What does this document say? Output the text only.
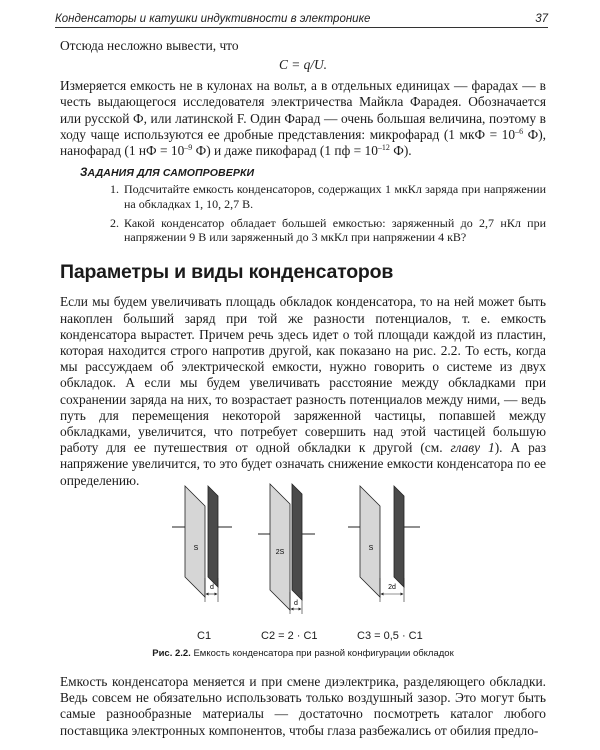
Конденсаторы и катушки индуктивности в электронике	37

Отсюда несложно вывести, что

C = q/U.

Измеряется емкость не в кулонах на вольт, а в отдельных единицах — фарадах — в честь выдающегося исследователя электричества Майкла Фарадея. Обозначается или русской Ф, или латинской F. Один Фарад — очень большая величина, поэтому в ходу чаще используются ее дробные представления: микрофарад (1 мкФ = $10^{-6}$ Ф), нанофарад (1 нФ = $10^{-9}$ Ф) и даже пикофарад (1 пф = $10^{-12}$ Ф).

ЗАДАНИЯ ДЛЯ САМОПРОВЕРКИ
1. Подсчитайте емкость конденсаторов, содержащих 1 мкКл заряда при напряжении на обкладках 1, 10, 2,7 В.
2. Какой конденсатор обладает большей емкостью: заряженный до 2,7 нКл при напряжении 9 В или заряженный до 3 мкКл при напряжении 4 кВ?
Параметры и виды конденсаторов

Если мы будем увеличивать площадь обкладок конденсатора, то на ней может быть накоплен больший заряд при той же разности потенциалов, т. е. емкость конденсатора вырастет. Причем речь здесь идет о той площади каждой из пластин, которая находится строго напротив другой, как показано на рис. 2.2. То есть, когда мы рассуждаем об электрической емкости, нужно говорить о системе из двух обкладок. А если мы будем увеличивать расстояние между обкладками при сохранении заряда на них, то возрастает разность потенциалов между ними, — ведь путь для перемещения некоторой заряженной частицы, попавшей между обкладками, увеличится, что потребует совершить над этой частицей большую работу для ее путешествия от одной обкладки к другой (см. главу 1). А раз напряжение увеличится, то это будет означать снижение емкости конденсатора по ее определению.

S
d
2S
d
S
2d
C1	C2 = 2 · C1	C3 = 0,5 · C1
Рис. 2.2. Емкость конденсатора при разной конфигурации обкладок

Емкость конденсатора меняется и при смене диэлектрика, разделяющего обкладки. Ведь совсем не обязательно использовать только воздушный зазор. Это могут быть самые разнообразные материалы — достаточно посмотреть каталог любого поставщика электронных компонентов, чтобы глаза разбежались от обилия предло-
